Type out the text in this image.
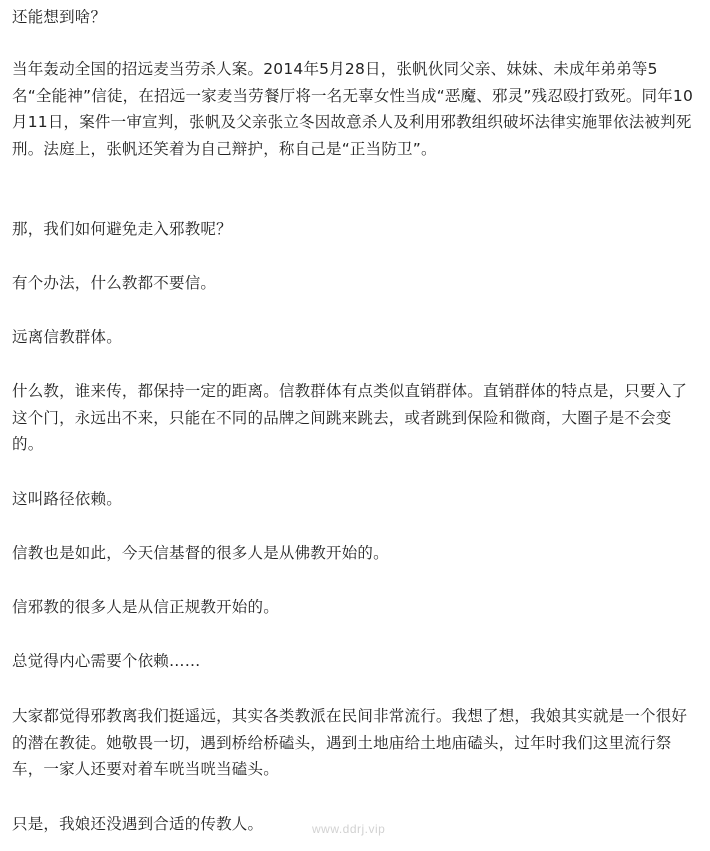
还能想到啥？

当年轰动全国的招远麦当劳杀人案。2014年5月28日，张帆伙同父亲、妹妹、未成年弟弟等5名“全能神”信徒，在招远一家麦当劳餐厅将一名无辜女性当成“恶魔、邪灵”残忍殴打致死。同年10月11日，案件一审宣判，张帆及父亲张立冬因故意杀人及利用邪教组织破坏法律实施罪依法被判死刑。法庭上，张帆还笑着为自己辩护，称自己是“正当防卫”。

那，我们如何避免走入邪教呢？

有个办法，什么教都不要信。

远离信教群体。

什么教，谁来传，都保持一定的距离。信教群体有点类似直销群体。直销群体的特点是，只要入了这个门，永远出不来，只能在不同的品牌之间跳来跳去，或者跳到保险和微商，大圈子是不会变的。

这叫路径依赖。

信教也是如此，今天信基督的很多人是从佛教开始的。

信邪教的很多人是从信正规教开始的。

总觉得内心需要个依赖……

大家都觉得邪教离我们挺遥远，其实各类教派在民间非常流行。我想了想，我娘其实就是一个很好的潜在教徒。她敬畏一切，遇到桥给桥磕头，遇到土地庙给土地庙磕头，过年时我们这里流行祭车，一家人还要对着车咣当咣当磕头。

只是，我娘还没遇到合适的传教人。	www.ddrj.vip
